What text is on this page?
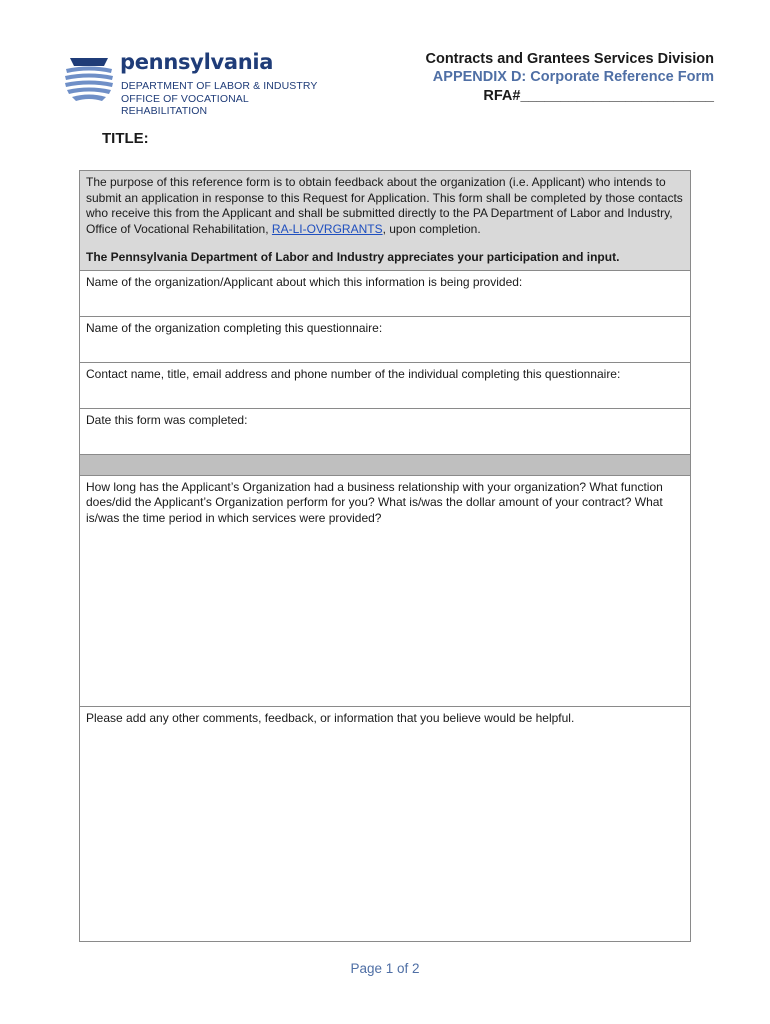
pennsylvania
DEPARTMENT OF LABOR & INDUSTRY
OFFICE OF VOCATIONAL REHABILITATION
Contracts and Grantees Services Division
APPENDIX D: Corporate Reference Form
RFA#________________________
TITLE:

The purpose of this reference form is to obtain feedback about the organization (i.e. Applicant) who intends to submit an application in response to this Request for Application. This form shall be completed by those contacts who receive this from the Applicant and shall be submitted directly to the PA Department of Labor and Industry, Office of Vocational Rehabilitation, RA-LI-OVRGRANTS, upon completion.

The Pennsylvania Department of Labor and Industry appreciates your participation and input.

Name of the organization/Applicant about which this information is being provided:
Name of the organization completing this questionnaire:
Contact name, title, email address and phone number of the individual completing this questionnaire:
Date this form was completed:

How long has the Applicant’s Organization had a business relationship with your organization? What function does/did the Applicant’s Organization perform for you? What is/was the dollar amount of your contract? What is/was the time period in which services were provided?
Please add any other comments, feedback, or information that you believe would be helpful.
Page 1 of 2
